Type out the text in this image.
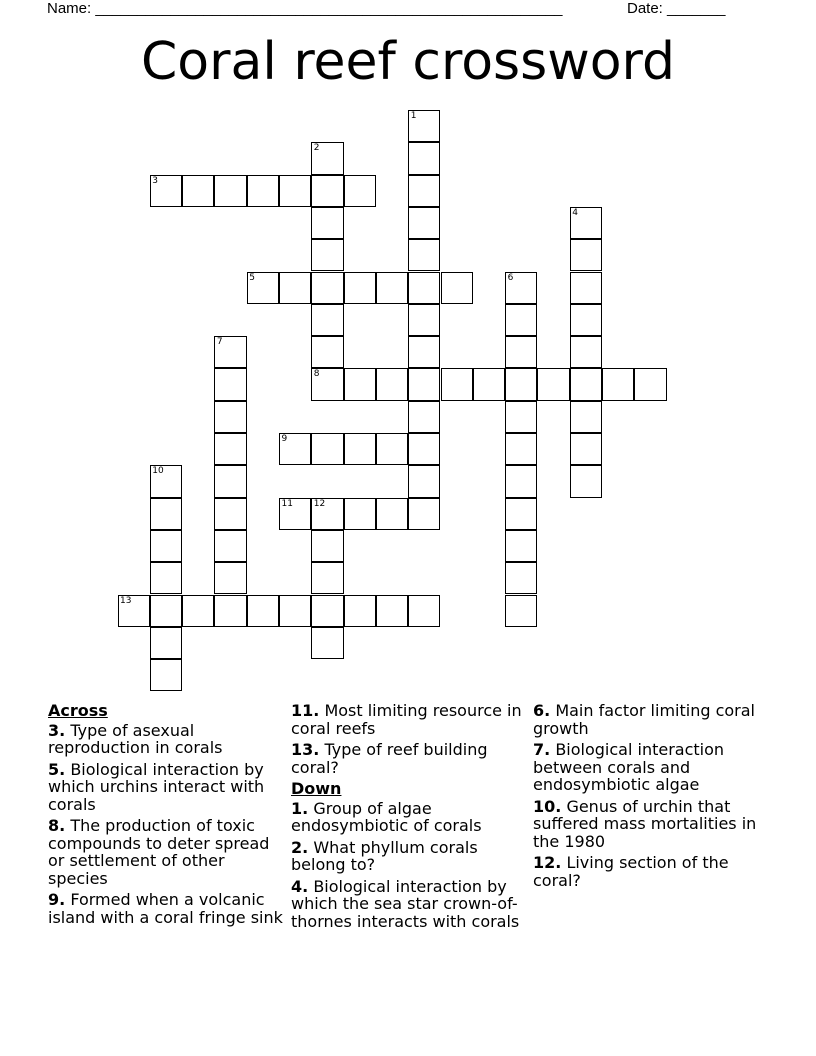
Name: ________________________________________________________	Date: _______
Coral reef crossword
1
2
8
3
4
5	6
7
9
10
11 12
13
Across
3. Type of asexual reproduction in corals
5. Biological interaction by which urchins interact with corals
8. The production of toxic compounds to deter spread or settlement of other species
9. Formed when a volcanic island with a coral fringe sink
11. Most limiting resource in coral reefs
13. Type of reef building coral?
Down
1. Group of algae endosymbiotic of corals
2. What phyllum corals belong to?
4. Biological interaction by which the sea star crown-of-thornes interacts with corals
6. Main factor limiting coral growth
7. Biological interaction between corals and endosymbiotic algae
10. Genus of urchin that suffered mass mortalities in the 1980
12. Living section of the coral?
